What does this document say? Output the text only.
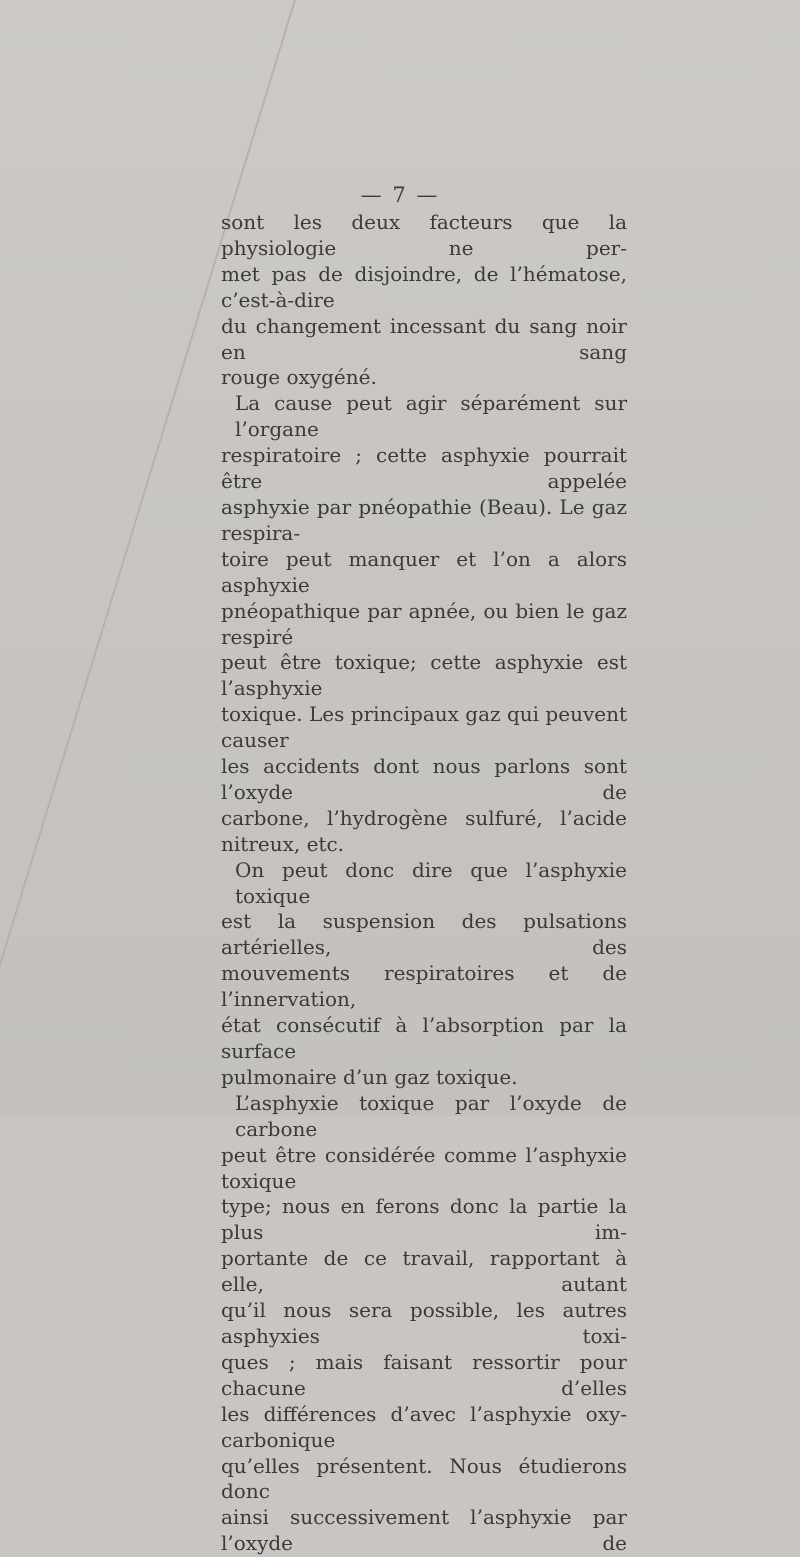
— 7 —

sont les deux facteurs que la physiologie ne per-
met pas de disjoindre, de l’hématose, c’est-à-dire
du changement incessant du sang noir en sang
rouge oxygéné.

La cause peut agir séparément sur l’organe
respiratoire ; cette asphyxie pourrait être appelée
asphyxie par pnéopathie (Beau). Le gaz respira-
toire peut manquer et l’on a alors asphyxie
pnéopathique par apnée, ou bien le gaz respiré
peut être toxique; cette asphyxie est l’asphyxie
toxique. Les principaux gaz qui peuvent causer
les accidents dont nous parlons sont l’oxyde de
carbone, l’hydrogène sulfuré, l’acide nitreux, etc.

On peut donc dire que l’asphyxie toxique
est la suspension des pulsations artérielles, des
mouvements respiratoires et de l’innervation,
état consécutif à l’absorption par la surface
pulmonaire d’un gaz toxique.

L’asphyxie toxique par l’oxyde de carbone
peut être considérée comme l’asphyxie toxique
type; nous en ferons donc la partie la plus im-
portante de ce travail, rapportant à elle, autant
qu’il nous sera possible, les autres asphyxies toxi-
ques ; mais faisant ressortir pour chacune d’elles
les différences d’avec l’asphyxie oxy-carbonique
qu’elles présentent. Nous étudierons donc
ainsi successivement l’asphyxie par l’oxyde de
